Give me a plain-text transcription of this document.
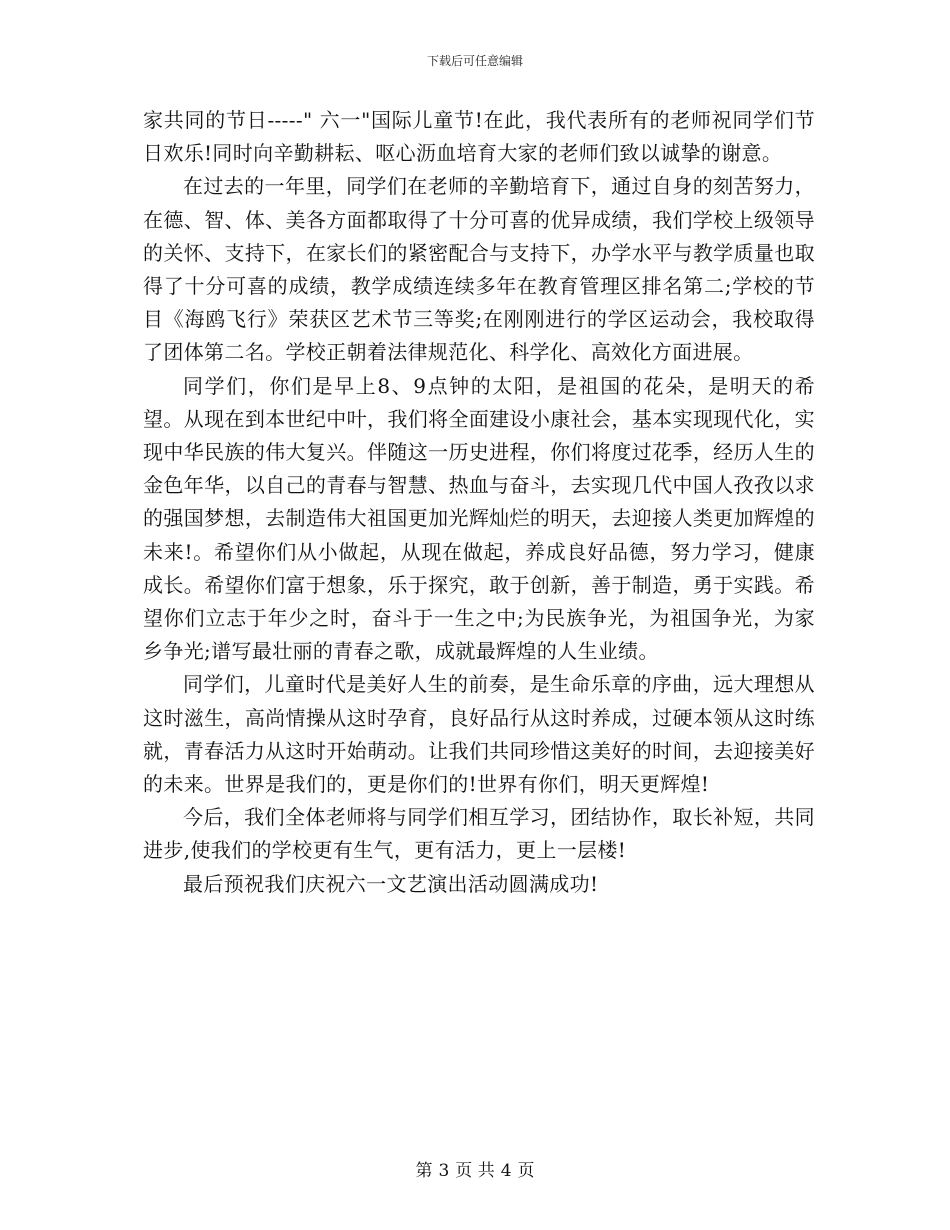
下载后可任意编辑

家共同的节日-----" 六一"国际儿童节!在此，我代表所有的老师祝同学们节日欢乐!同时向辛勤耕耘、呕心沥血培育大家的老师们致以诚挚的谢意。

在过去的一年里，同学们在老师的辛勤培育下，通过自身的刻苦努力，在德、智、体、美各方面都取得了十分可喜的优异成绩，我们学校上级领导的关怀、支持下，在家长们的紧密配合与支持下，办学水平与教学质量也取得了十分可喜的成绩，教学成绩连续多年在教育管理区排名第二;学校的节目《海鸥飞行》荣获区艺术节三等奖;在刚刚进行的学区运动会，我校取得了团体第二名。学校正朝着法律规范化、科学化、高效化方面进展。

同学们，你们是早上8、9点钟的太阳，是祖国的花朵，是明天的希望。从现在到本世纪中叶，我们将全面建设小康社会，基本实现现代化，实现中华民族的伟大复兴。伴随这一历史进程，你们将度过花季，经历人生的金色年华，以自己的青春与智慧、热血与奋斗，去实现几代中国人孜孜以求的强国梦想，去制造伟大祖国更加光辉灿烂的明天，去迎接人类更加辉煌的未来!。希望你们从小做起，从现在做起，养成良好品德，努力学习，健康成长。希望你们富于想象，乐于探究，敢于创新，善于制造，勇于实践。希望你们立志于年少之时，奋斗于一生之中;为民族争光，为祖国争光，为家乡争光;谱写最壮丽的青春之歌，成就最辉煌的人生业绩。

同学们，儿童时代是美好人生的前奏，是生命乐章的序曲，远大理想从这时滋生，高尚情操从这时孕育，良好品行从这时养成，过硬本领从这时练就，青春活力从这时开始萌动。让我们共同珍惜这美好的时间，去迎接美好的未来。世界是我们的，更是你们的!世界有你们，明天更辉煌!

今后，我们全体老师将与同学们相互学习，团结协作，取长补短，共同进步,使我们的学校更有生气，更有活力，更上一层楼!

最后预祝我们庆祝六一文艺演出活动圆满成功!

第 3 页 共 4 页
